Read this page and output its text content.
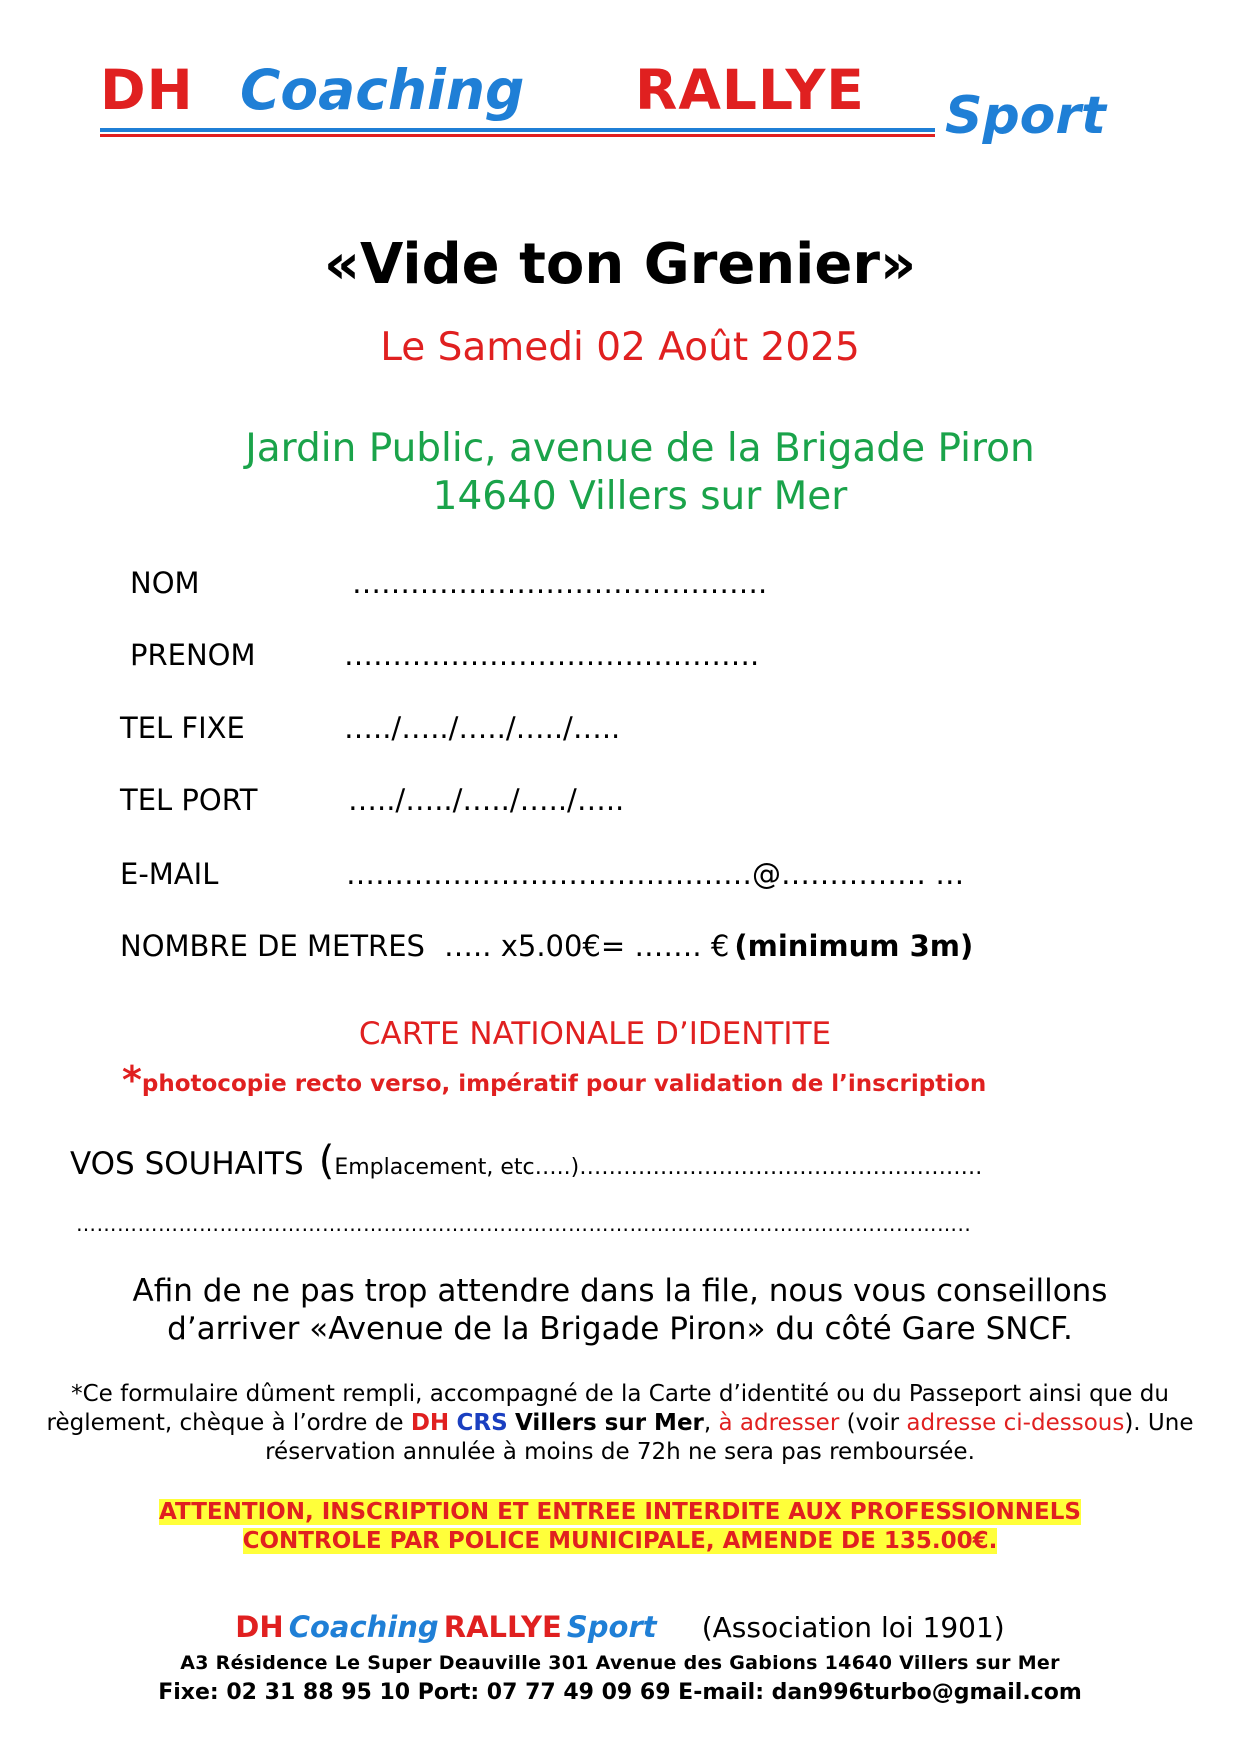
DH Coaching RALLYE Sport
«Vide ton Grenier»
Le Samedi 02 Août 2025
Jardin Public, avenue de la Brigade Piron
14640 Villers sur Mer
NOM	…………………………………….
PRENOM	…………………………………….
TEL FIXE	…../…../…../…../…..
TEL PORT	…../…../…../…../…..
E-MAIL	……………………………………@…………… …
NOMBRE DE METRES ….. x5.00€= ……. € (minimum 3m)
CARTE NATIONALE D’IDENTITE
*photocopie recto verso, impératif pour validation de l’inscription
VOS SOUHAITS (Emplacement, etc…..)……………………………………………….
…………………………………………………………………………………………………………………..
Afin de ne pas trop attendre dans la file, nous vous conseillons
d’arriver «Avenue de la Brigade Piron» du côté Gare SNCF.
*Ce formulaire dûment rempli, accompagné de la Carte d’identité ou du Passeport ainsi que du règlement, chèque à l’ordre de DH CRS Villers sur Mer, à adresser (voir adresse ci-dessous). Une réservation annulée à moins de 72h ne sera pas remboursée.
ATTENTION, INSCRIPTION ET ENTREE INTERDITE AUX PROFESSIONNELS
CONTROLE PAR POLICE MUNICIPALE, AMENDE DE 135.00€.
DH Coaching RALLYE Sport (Association loi 1901)
A3 Résidence Le Super Deauville 301 Avenue des Gabions 14640 Villers sur Mer
Fixe: 02 31 88 95 10 Port: 07 77 49 09 69 E-mail: dan996turbo@gmail.com
